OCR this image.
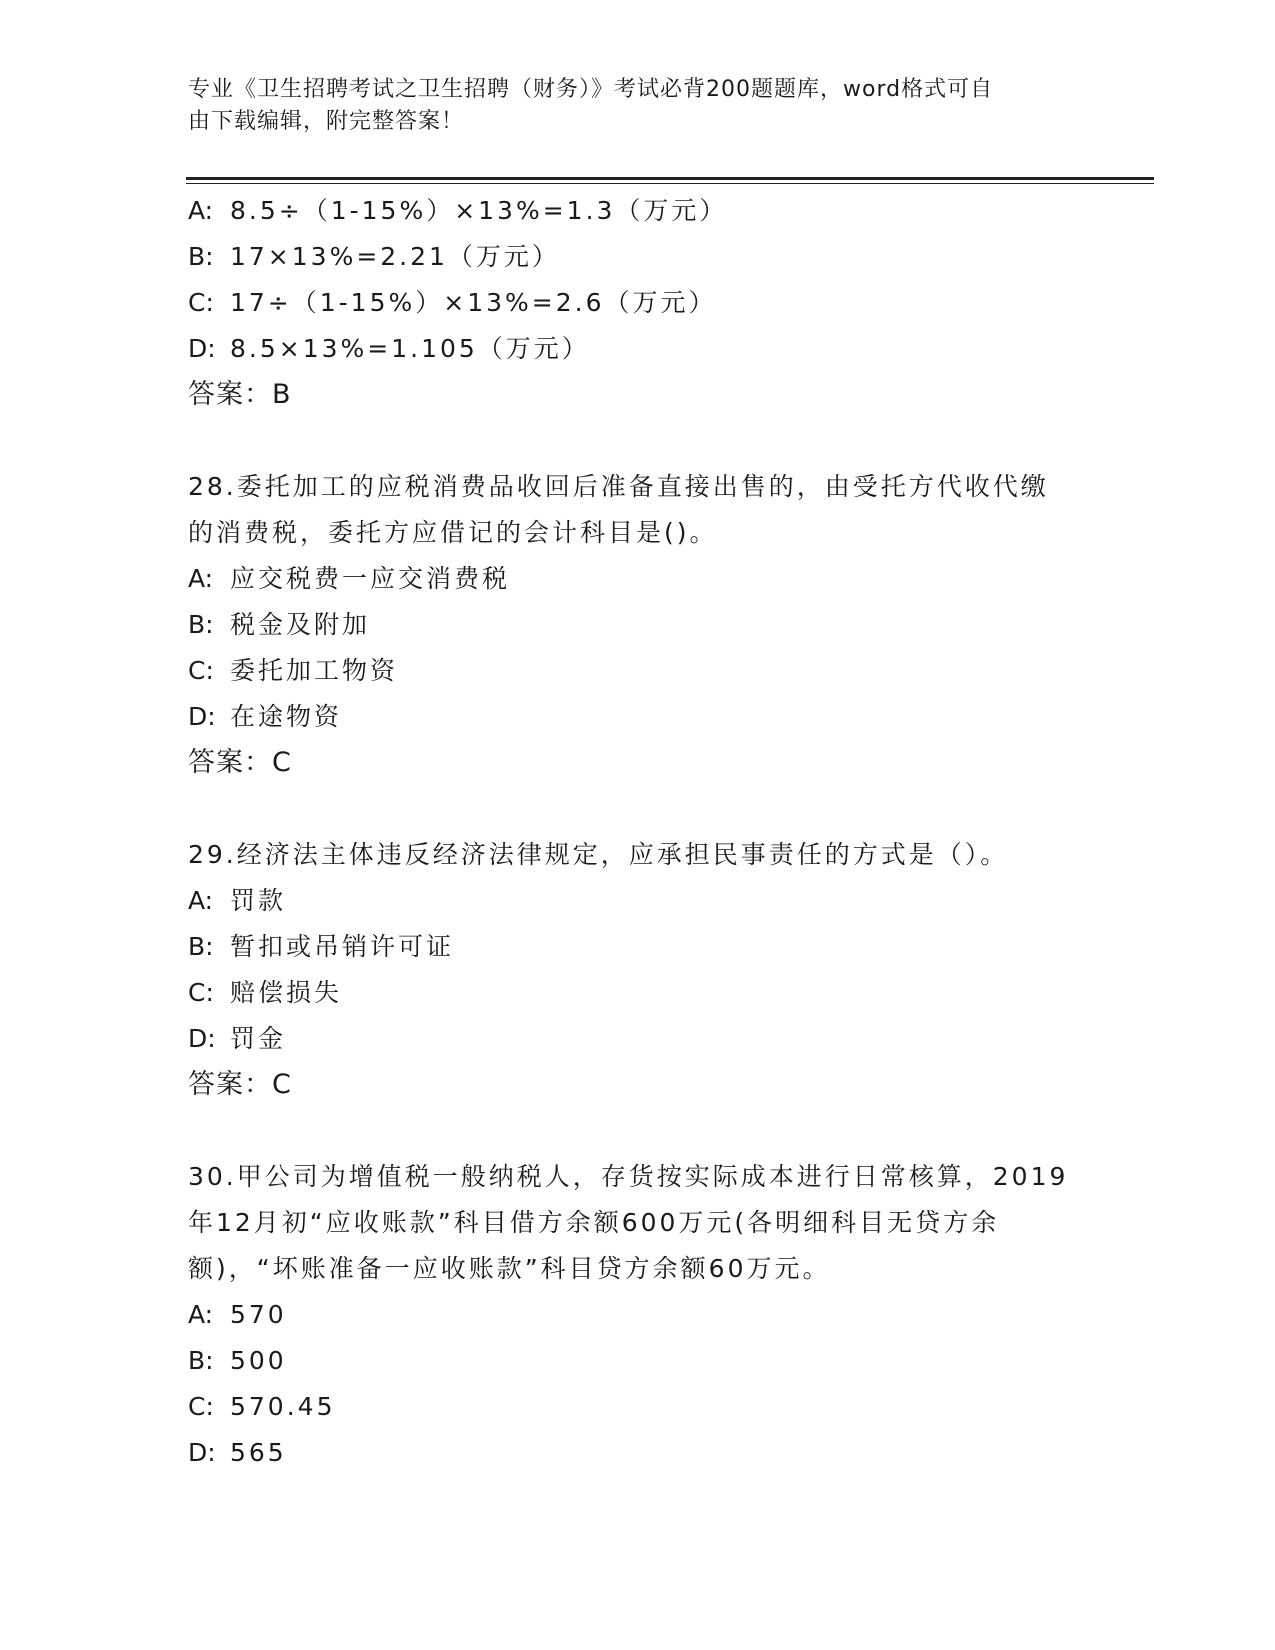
专业《卫生招聘考试之卫生招聘（财务）》考试必背200题题库，word格式可自
由下载编辑，附完整答案！
A: 8.5÷（1-15%）×13%=1.3（万元）
B: 17×13%=2.21（万元）
C: 17÷（1-15%）×13%=2.6（万元）
D: 8.5×13%=1.105（万元）
答案：B
28.委托加工的应税消费品收回后准备直接出售的，由受托方代收代缴
的消费税，委托方应借记的会计科目是()。
A: 应交税费一应交消费税
B: 税金及附加
C: 委托加工物资
D: 在途物资
答案：C
29.经济法主体违反经济法律规定，应承担民事责任的方式是（）。
A: 罚款
B: 暂扣或吊销许可证
C: 赔偿损失
D: 罚金
答案：C
30.甲公司为增值税一般纳税人，存货按实际成本进行日常核算，2019
年12月初“应收账款”科目借方余额600万元(各明细科目无贷方余
额)，“坏账准备一应收账款”科目贷方余额60万元。
A: 570
B: 500
C: 570.45
D: 565
